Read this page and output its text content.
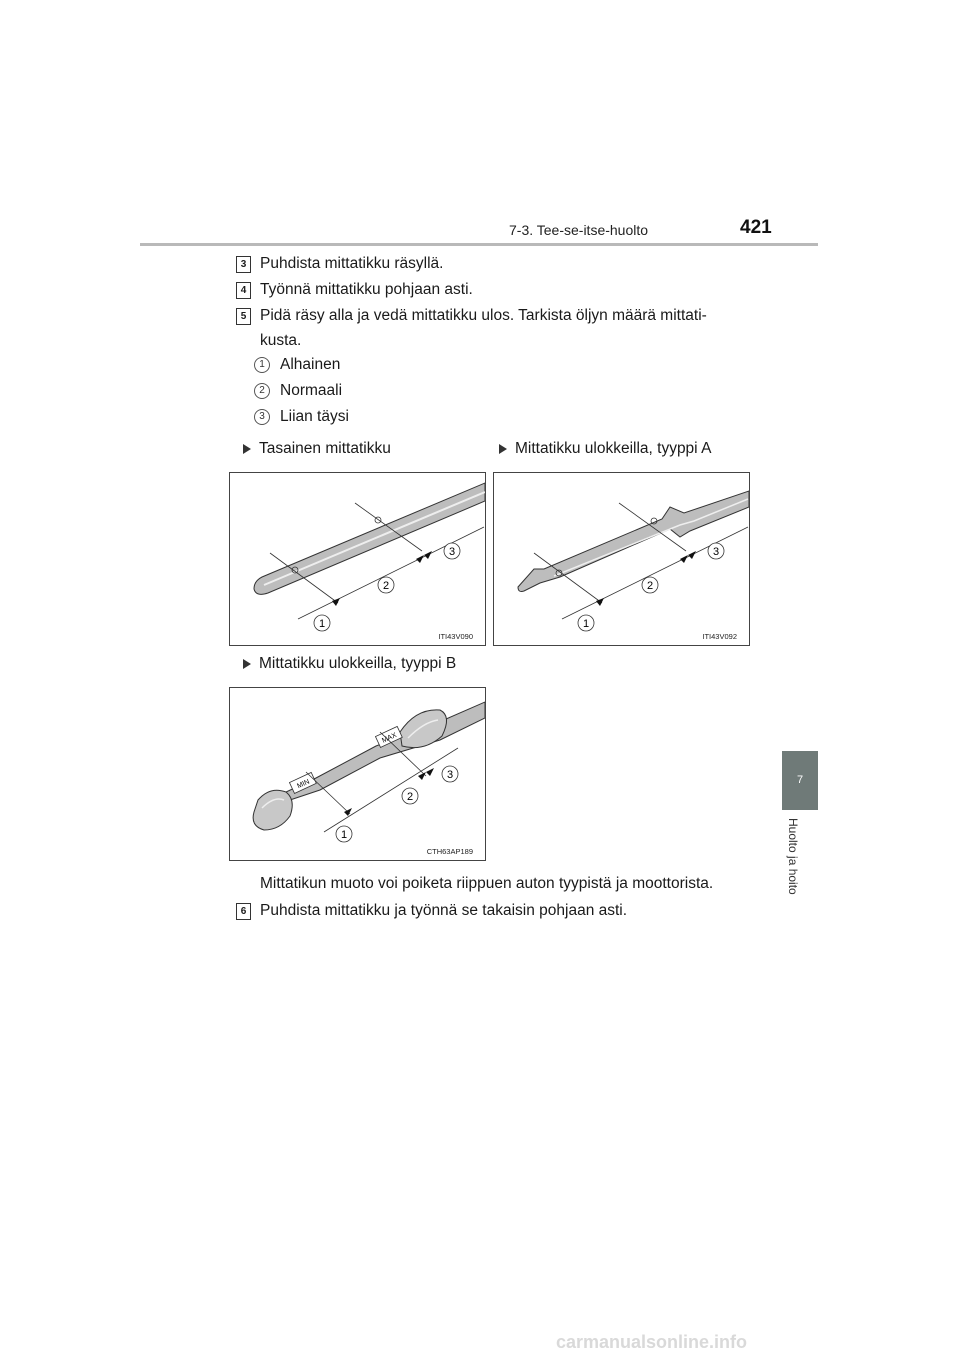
7-3. Tee-se-itse-huolto	421
7
Huolto ja hoito
3 Puhdista mittatikku räsyllä.
4 Työnnä mittatikku pohjaan asti.
5 Pidä räsy alla ja vedä mittatikku ulos. Tarkista öljyn määrä mittati-
kusta.
1 Alhainen
2 Normaali
3 Liian täysi
Tasainen mittatikku	Mittatikku ulokkeilla, tyyppi A
1
2
3
ITI43V090
1
2
3
ITI43V092
Mittatikku ulokkeilla, tyyppi B
MAX
MIN
1
2
3
CTH63AP189
Mittatikun muoto voi poiketa riippuen auton tyypistä ja moottorista.
6 Puhdista mittatikku ja työnnä se takaisin pohjaan asti.
carmanualsonline.info
